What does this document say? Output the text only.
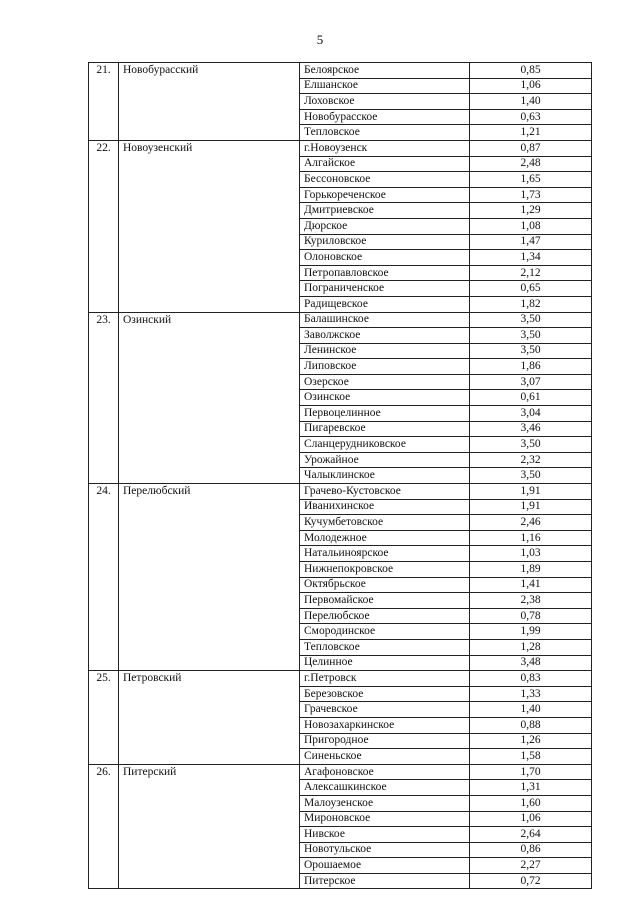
5
21.	Новобурасский	Белоярское	0,85
		Елшанское	1,06
		Лоховское	1,40
		Новобурасское	0,63
		Тепловское	1,21
22.	Новоузенский	г.Новоузенск	0,87
		Алгайское	2,48
		Бессоновское	1,65
		Горькореченское	1,73
		Дмитриевское	1,29
		Дюрское	1,08
		Куриловское	1,47
		Олоновское	1,34
		Петропавловское	2,12
		Пограниченское	0,65
		Радищевское	1,82
23.	Озинский	Балашинское	3,50
		Заволжское	3,50
		Ленинское	3,50
		Липовское	1,86
		Озерское	3,07
		Озинское	0,61
		Первоцелинное	3,04
		Пигаревское	3,46
		Сланцерудниковское	3,50
		Урожайное	2,32
		Чалыклинское	3,50
24.	Перелюбский	Грачево-Кустовское	1,91
		Иванихинское	1,91
		Кучумбетовское	2,46
		Молодежное	1,16
		Натальиноярское	1,03
		Нижнепокровское	1,89
		Октябрьское	1,41
		Первомайское	2,38
		Перелюбское	0,78
		Смородинское	1,99
		Тепловское	1,28
		Целинное	3,48
25.	Петровский	г.Петровск	0,83
		Березовское	1,33
		Грачевское	1,40
		Новозахаркинское	0,88
		Пригородное	1,26
		Синеньское	1,58
26.	Питерский	Агафоновское	1,70
		Алексашкинское	1,31
		Малоузенское	1,60
		Мироновское	1,06
		Нивское	2,64
		Новотульское	0,86
		Орошаемое	2,27
		Питерское	0,72
